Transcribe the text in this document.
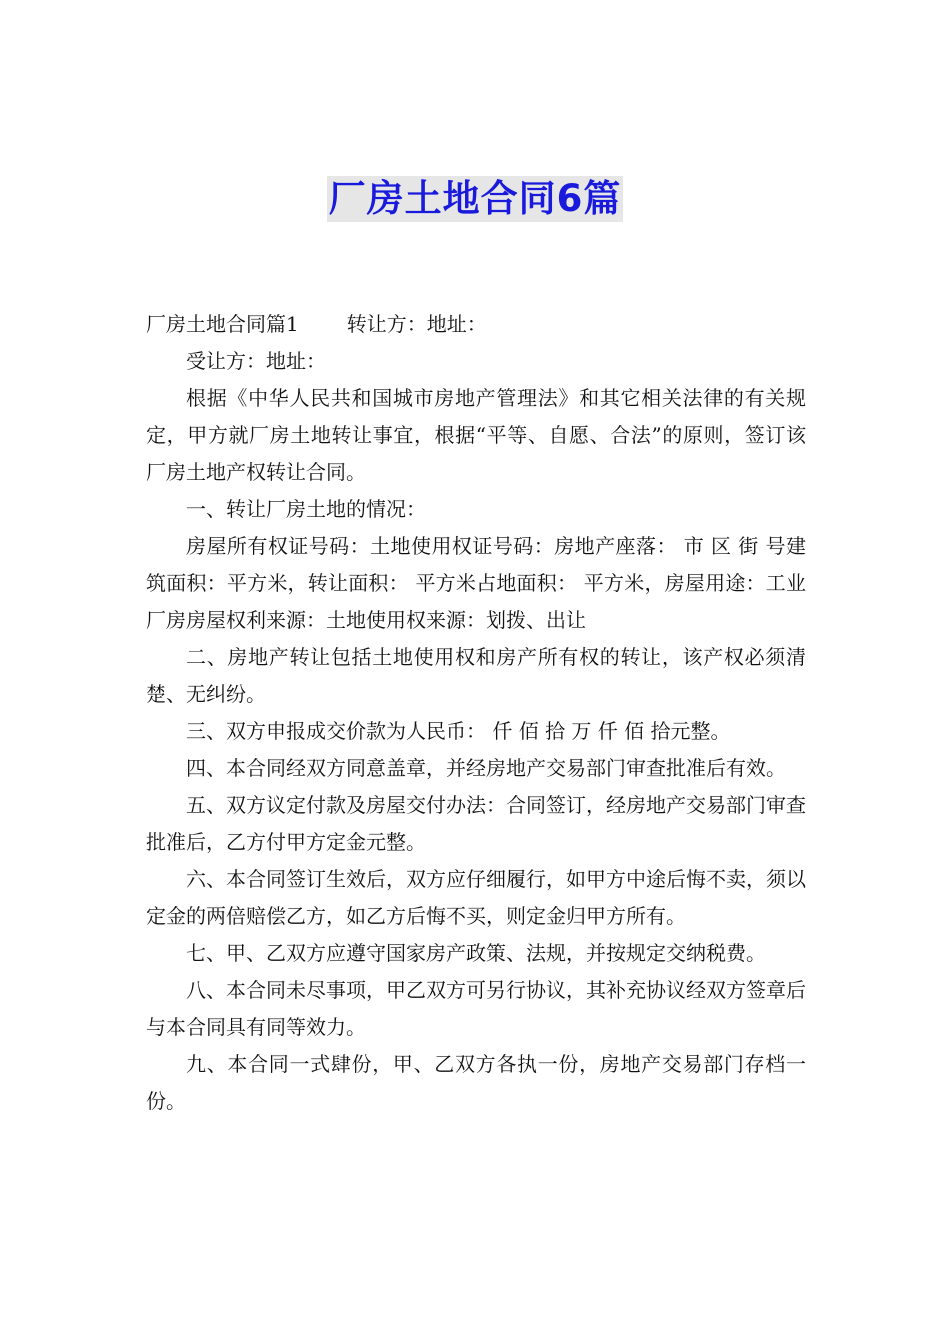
厂房土地合同6篇

厂房土地合同篇1 转让方：地址：

受让方：地址：

根据《中华人民共和国城市房地产管理法》和其它相关法律的有关规定，甲方就厂房土地转让事宜，根据“平等、自愿、合法”的原则，签订该厂房土地产权转让合同。

一、转让厂房土地的情况：

房屋所有权证号码：土地使用权证号码：房地产座落： 市 区 街 号建筑面积：平方米，转让面积： 平方米占地面积： 平方米，房屋用途：工业厂房房屋权利来源：土地使用权来源：划拨、出让

二、房地产转让包括土地使用权和房产所有权的转让，该产权必须清楚、无纠纷。

三、双方申报成交价款为人民币： 仟 佰 拾 万 仟 佰 拾元整。

四、本合同经双方同意盖章，并经房地产交易部门审查批准后有效。

五、双方议定付款及房屋交付办法：合同签订，经房地产交易部门审查批准后，乙方付甲方定金元整。

六、本合同签订生效后，双方应仔细履行，如甲方中途后悔不卖，须以定金的两倍赔偿乙方，如乙方后悔不买，则定金归甲方所有。

七、甲、乙双方应遵守国家房产政策、法规，并按规定交纳税费。

八、本合同未尽事项，甲乙双方可另行协议，其补充协议经双方签章后与本合同具有同等效力。

九、本合同一式肆份，甲、乙双方各执一份，房地产交易部门存档一份。
